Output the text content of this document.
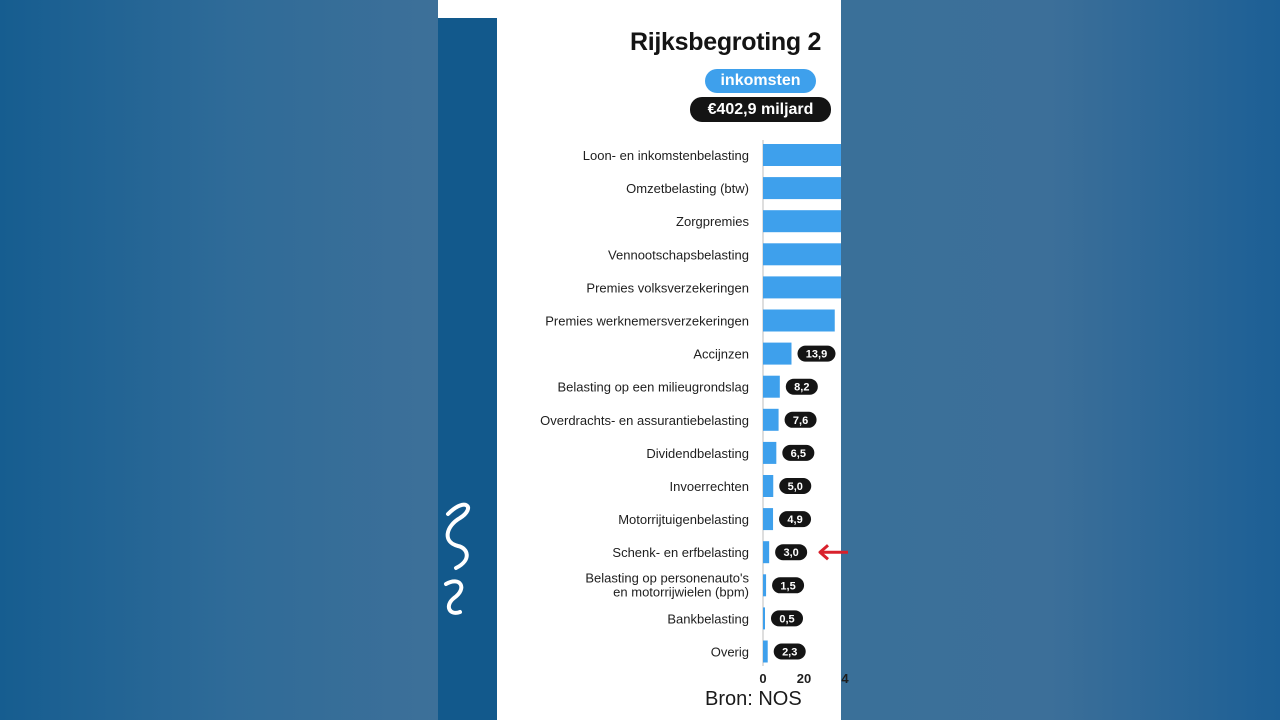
Rijksbegroting 2
inkomsten
€402,9 miljard
Loon- en inkomstenbelasting
Omzetbelasting (btw)
Zorgpremies
Vennootschapsbelasting
Premies volksverzekeringen
Premies werknemersverzekeringen
Accijnzen	13,9
Belasting op een milieugrondslag	8,2
Overdrachts- en assurantiebelasting	7,6
Dividendbelasting	6,5
Invoerrechten	5,0
Motorrijtuigenbelasting	4,9
Schenk- en erfbelasting	3,0
Belasting op personenauto's en motorrijwielen (bpm)	1,5
Bankbelasting	0,5
Overig	2,3
0 20 4
Bron: NOS
